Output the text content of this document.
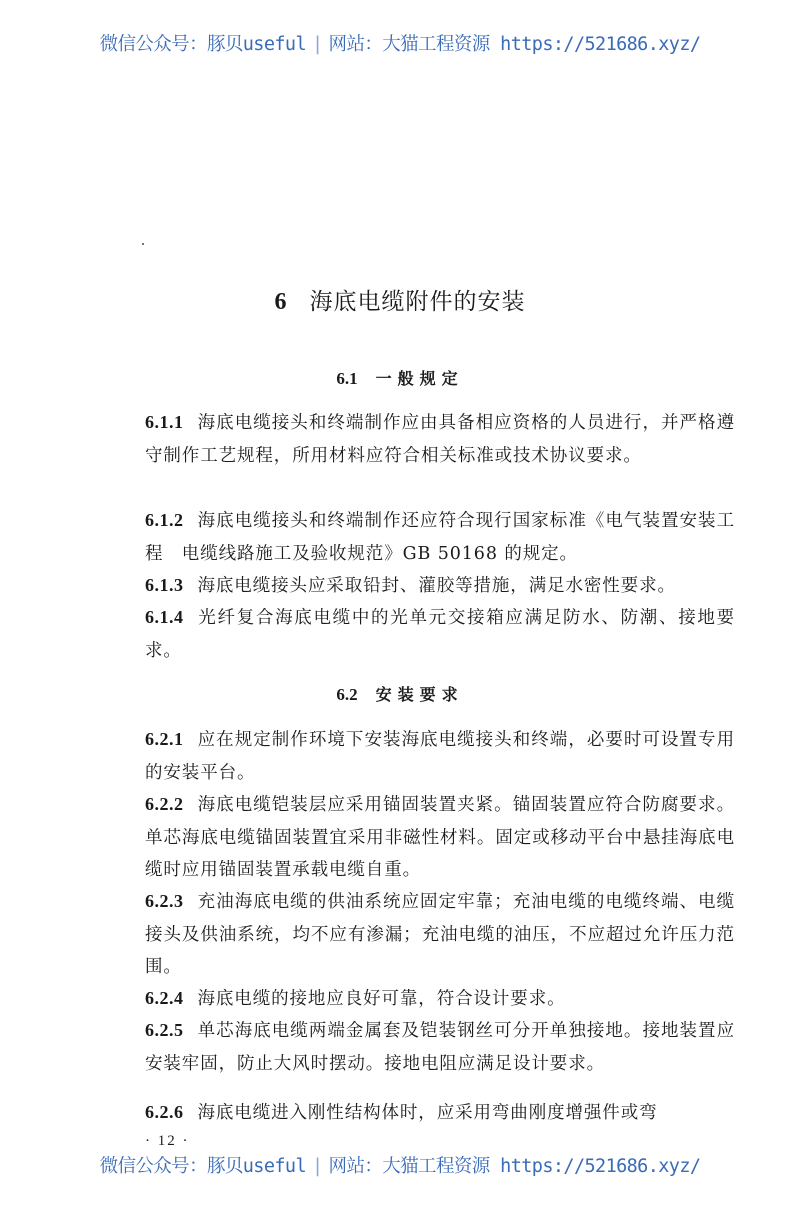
微信公众号：豚贝useful | 网站：大猫工程资源 https://521686.xyz/
6 海底电缆附件的安装
6.1 一般规定
6.1.1 海底电缆接头和终端制作应由具备相应资格的人员进行，并严格遵守制作工艺规程，所用材料应符合相关标准或技术协议要求。
6.1.2 海底电缆接头和终端制作还应符合现行国家标准《电气装置安装工程　电缆线路施工及验收规范》GB 50168 的规定。
6.1.3 海底电缆接头应采取铅封、灌胶等措施，满足水密性要求。
6.1.4 光纤复合海底电缆中的光单元交接箱应满足防水、防潮、接地要求。
6.2 安装要求
6.2.1 应在规定制作环境下安装海底电缆接头和终端，必要时可设置专用的安装平台。
6.2.2 海底电缆铠装层应采用锚固装置夹紧。锚固装置应符合防腐要求。单芯海底电缆锚固装置宜采用非磁性材料。固定或移动平台中悬挂海底电缆时应用锚固装置承载电缆自重。
6.2.3 充油海底电缆的供油系统应固定牢靠；充油电缆的电缆终端、电缆接头及供油系统，均不应有渗漏；充油电缆的油压，不应超过允许压力范围。
6.2.4 海底电缆的接地应良好可靠，符合设计要求。
6.2.5 单芯海底电缆两端金属套及铠装钢丝可分开单独接地。接地装置应安装牢固，防止大风时摆动。接地电阻应满足设计要求。
6.2.6 海底电缆进入刚性结构体时，应采用弯曲刚度增强件或弯
· 12 ·
微信公众号：豚贝useful | 网站：大猫工程资源 https://521686.xyz/
